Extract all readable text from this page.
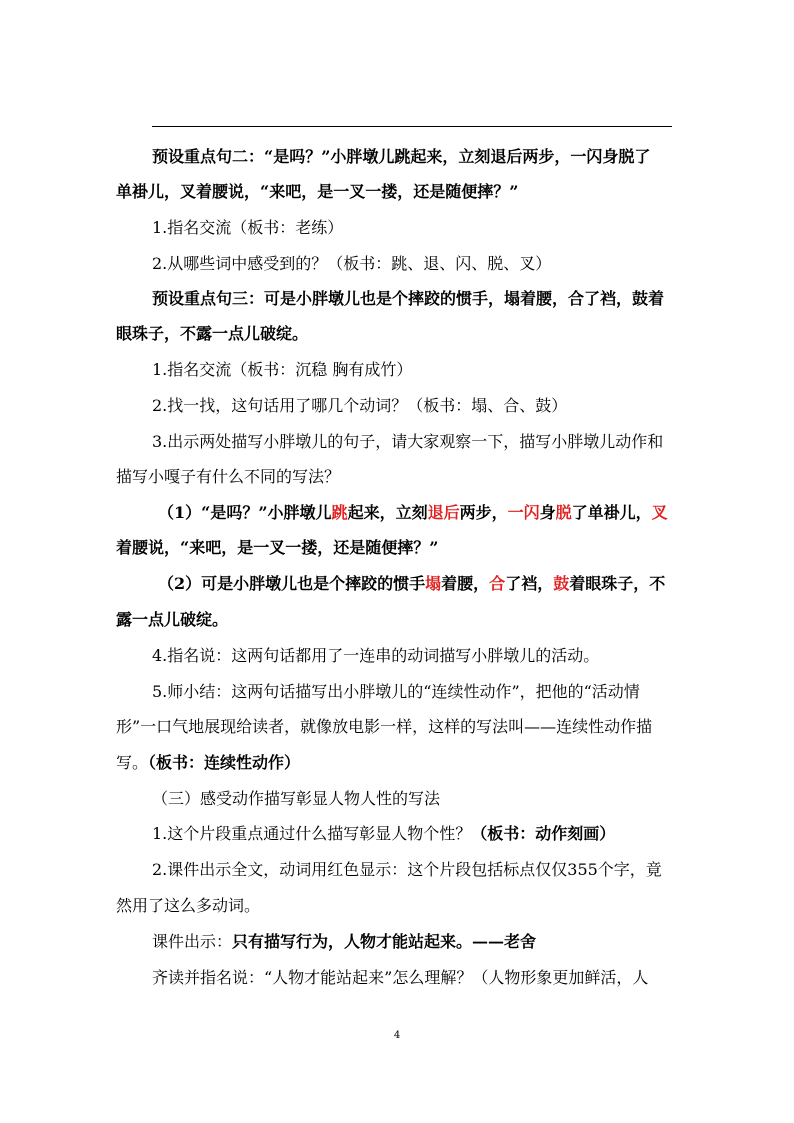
预设重点句二：“是吗？”小胖墩儿跳起来，立刻退后两步，一闪身脱了
单褂儿，叉着腰说，“来吧，是一叉一搂，还是随便摔？”
1.指名交流（板书：老练）
2.从哪些词中感受到的？（板书：跳、退、闪、脱、叉）
预设重点句三：可是小胖墩儿也是个摔跤的惯手，塌着腰，合了裆，鼓着
眼珠子，不露一点儿破绽。
1.指名交流（板书：沉稳 胸有成竹）
2.找一找，这句话用了哪几个动词？（板书：塌、合、鼓）
3.出示两处描写小胖墩儿的句子，请大家观察一下，描写小胖墩儿动作和
描写小嘎子有什么不同的写法？
（1）“是吗？”小胖墩儿跳起来，立刻退后两步，一闪身脱了单褂儿，叉
着腰说，“来吧，是一叉一搂，还是随便摔？”
（2）可是小胖墩儿也是个摔跤的惯手塌着腰，合了裆，鼓着眼珠子，不
露一点儿破绽。
4.指名说：这两句话都用了一连串的动词描写小胖墩儿的活动。
5.师小结：这两句话描写出小胖墩儿的“连续性动作”，把他的“活动情
形”一口气地展现给读者，就像放电影一样，这样的写法叫——连续性动作描
写。（板书：连续性动作）
（三）感受动作描写彰显人物人性的写法
1.这个片段重点通过什么描写彰显人物个性？（板书：动作刻画）
2.课件出示全文，动词用红色显示：这个片段包括标点仅仅355个字，竟
然用了这么多动词。
课件出示：只有描写行为，人物才能站起来。——老舍
齐读并指名说：“人物才能站起来”怎么理解？（人物形象更加鲜活，人
4
